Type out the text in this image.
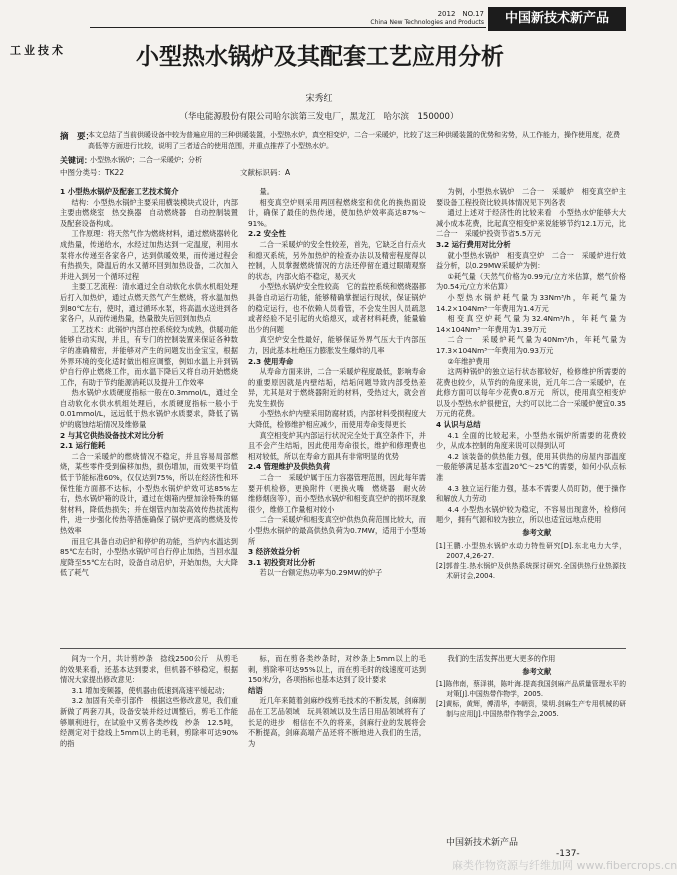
2012　NO.17
China New Technologies and Products	中国新技术新产品
工业技术	小型热水锅炉及其配套工艺应用分析
宋秀红
（华电能源股份有限公司哈尔滨第三发电厂，黑龙江　哈尔滨　150000）
摘　要：
本文总结了当前供暖设备中较为普遍应用的三种供暖装置，小型热水炉，真空相变炉，二合一采暖炉，比较了这三种供暖装置的优势和劣势，从工作能力，操作使用度，花费高低等方面进行比较，说明了三者适合的使用范围，并重点推荐了小型热水炉。
关键词：
小型热水锅炉；二合一采暖炉；分析
中图分类号：TK22	文献标识码：A
1 小型热水锅炉及配套工艺技术简介

结构：小型热水锅炉主要采用横装模块式设计，内部主要由燃烧室　热交换器　自动燃烧器　自动控制装置及配套设备构成。

工作原理：将天然气作为燃烧材料，通过燃烧器转化成热量，传递给水，水经过加热达到一定温度，利用水泵将水传递至各家各户，达到供暖效果，而传递过程会有热损失，降温后的水又循环回到加热设备，二次加入并进入到另一个循环过程

主要工艺流程：清水通过全自动软化水供水机组处理后打入加热炉，通过点燃天然气产生燃烧，将水温加热到80℃左右，使时，通过循环水泵，将高温水送进到各家各户，从而传递热量，热量散失后回到加热点

工艺技术：此锅炉内部自控系统较为成熟，供暖功能能够自动实现，并且，有专门的控制装置来保证各种数字的准确精密，并能够对产生的问题发出金宝宝，根据外界环境的变化适时做出相应调整，例如水温上升到锅炉自行停止燃烧工作，而水温下降后又将自动开始燃烧工作，有助于节约能源消耗以及提升工作效率

热水锅炉水质硬度指标一般在0.3mmol/L，通过全自动软化水供水机组处理后，水质硬度指标一般小于0.01mmol/L，远远低于热水锅炉水质要求，降低了锅炉的腐蚀结垢情况及维修量

2 与其它供热设备技术对比分析
2.1 运行能耗

二合一采暖炉的燃烧情况不稳定，并且容易局部燃烧，某些零件受到偏移加热，损伤增加，而效果平均值低于节能标准60%，仅仅达到75%，所以在经济性和环保性能方面都不达标，小型热水锅炉炉效可达85%左右，热水锅炉箱的设计，通过在烟箱内壁加涂特殊的辐射材料，降低热损失；并在烟管内加装高效传热扰流构件，进一步强化传热等措施确保了锅炉更高的燃烧及传热效率

而且它具备自动启炉和停炉的功能，当炉内水温达到85℃左右时，小型热水锅炉可自行停止加热，当回水温度降至55℃左右时，设备自动启炉，开始加热，大大降低了耗气

量。

相变真空炉则采用两回程燃烧室和优化的换热面设计，确保了最佳的热传递，使加热炉效率高达87%～91%。

2.2 安全性

二合一采暖炉的安全性较差，首先，它缺乏自行点火和熄灭系统，另外加热炉的检查办法以及精密程度得以控制，人员掌握燃烧情况的方法还停留在通过眼睛观察的状态，内部火焰不稳定，易灭火

小型热水锅炉安全性较高　它的监控系统和燃烧器都具备自动运行功能，能够精确掌握运行现状，保证锅炉的稳定运行，也不依赖人员看管，不会发生因人员疏忽或者经验不足引起的火焰熄灭，或者材料耗费，能量输出少的问题

真空炉安全性最好，能够保证外界气压大于内部压力，因此基本杜绝压力膨胀发生爆炸的几率

2.3 使用寿命

从寿命方面来讲，二合一采暖炉程度最低，影响寿命的重要原因就是内壁结垢，结垢问题导致内部受热差异，尤其是对于燃烧器附近的材料，受热过大，就会首先发生损伤

小型热水炉内壁采用防腐材质，内部材料受损程度大大降低，检修维护相应减少，而使用寿命变得更长

真空相变炉其内部运行状况完全处于真空条件下，并且不会产生结垢，因此使用寿命很长，维护和修理费也相对较低，所以在寿命方面具有非常明显的优势

2.4 管理维护及供热负荷

二合一　采暖炉属于压力容器管理范围，因此每年需要开机检修，更换附件（更换火嘴　燃烧器　耐火砖　维修烟囱等），而小型热水锅炉和相变真空炉的损坏现象很少，维修工作量相对较小

二合一采暖炉和相变真空炉供热负荷范围比较大，而小型热水锅炉的最高供热负荷为0.7MW，适用于小型场所

3 经济效益分析
3.1 初投资对比分析

若以一台额定热功率为0.29MW的炉子

为例，小型热水锅炉　二合一　采暖炉　相变真空炉主要设备工程投资比较具体情况见下列各表

通过上述对于经济性的比较来看　小型热水炉能够大大减小成本花费，比起真空相变炉来说能够节约12.1万元，比二合一　采暖炉投资节省5.5万元

3.2 运行费用对比分析

就小型热水锅炉　相变真空炉　二合一　采暖炉进行效益分析，以0.29MW采暖炉为例：

①耗气量（天然气价格为0.99元/立方米估算，燃气价格为0.54元/立方米估算）

小型热水锅炉耗气量为33Nm³/h，年耗气量为14.2×104Nm³一年费用为1.4万元

相变真空炉耗气量为32.4Nm³/h，年耗气量为14×104Nm³一年费用为1.39万元

二合一　采暖炉耗气量为40Nm³/h，年耗气量为17.3×104Nm³一年费用为0.93万元

②年维护费用

这两种锅炉的独立运行状态都较好，检修维护所需要的花费也较少，从节约的角度来说，近几年二合一采暖炉，在此修方面可以每年少花费0.8万元　所以，使用真空相变炉以及小型热水炉很便宜，大约可以比二合一采暖炉便宜0.35万元的花费。

4 认识与总结

4.1 全面的比较起来，小型热水锅炉所需要的花费较少，从成本控制的角度来说可以得到认可

4.2 该装备的供热能力强，使用其供热的房屋内部温度一般能够满足基本室温20℃～25℃的需要，如何小队点标准

4.3 独立运行能力强，基本不需要人员盯防，便于操作和解放人力劳动

4.4 小型热水锅炉较为稳定，不容易出现意外，检修问题少，拥有气源和较为独立，所以也适宜远地点使用

参考文献

[1]王鹏.小型热水锅炉水动力特性研究[D].东北电力大学，2007,4,26-27.

[2]郭普生.热水锅炉及供热系统探讨研究.全国供热行业热源技术研讨会,2004.

间为一个月，共计剪纱条　捻线2500公斤　从剪毛的效果来看，还基本达到要求，但机器不够稳定，根据情况大家提出修改意见：

3.1 增加变频器，使机器由低速到高速平缓起动；

3.2 加固有关牵引部件　根据这些修改意见，我们重新做了两套刀具，设备安装并经过调整后，剪毛工作能够顺利进行，在试验中又剪各类纱线　纱条　12.5吨，经测定对于捻线上5mm以上的毛刺，剪除率可达90%的指

标，而在剪各类纱条时，对纱条上5mm以上的毛刺，剪除率可达95%以上，而在剪毛时的线速度可达到150米/分，各项指标也基本达到了设计要求

结语

近几年来随着剑麻纱线剪毛技术的不断发展，剑麻制品在工艺品领域　玩具领域以及生活日用品领域将有了长足的进步　相信在不久的将来，剑麻行业的发展将会不断提高，剑麻高端产品还将不断地进入我们的生活，为

我们的生活发挥出更大更多的作用

参考文献

[1]陈伟南，蔡泽祺，陈叶海.提高我国剑麻产品质量管理水平的对策[J].中国热带作物学，2005.

[2]黄标，黄辉，傅清华，李朝资，梁明.剑麻生产专用机械的研制与应用[J].中国热带作物学会,2005.

中国新技术新产品
-137-
麻类作物资源与纤维加网 www.fibercrops.cn
